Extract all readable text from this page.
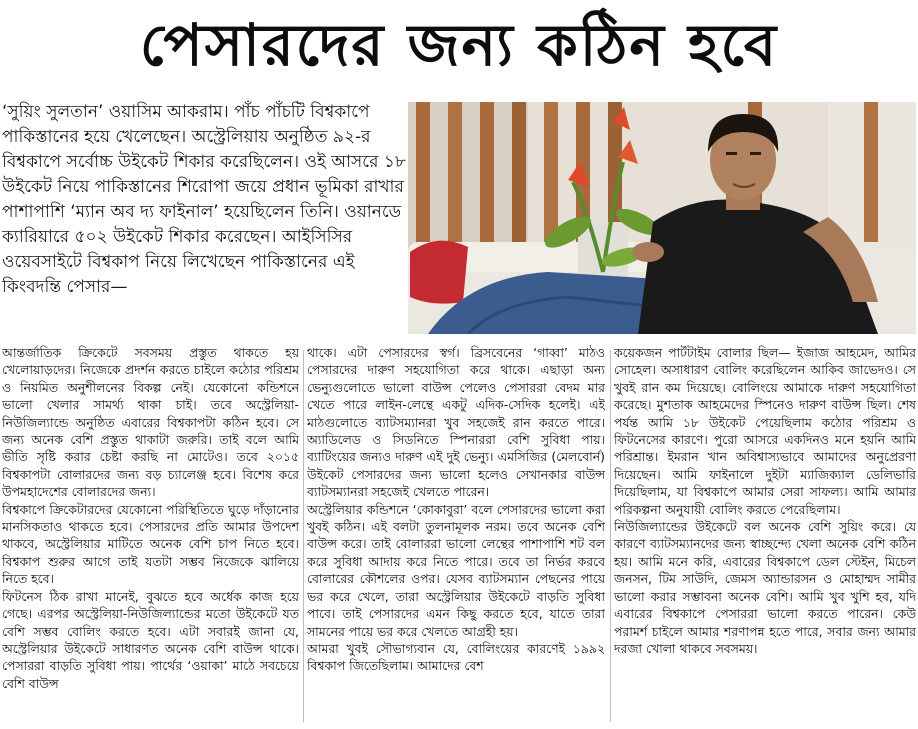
পেসারদের জন্য কঠিন হবে
‘সুয়িং সুলতান’ ওয়াসিম আকরাম। পাঁচ পাঁচটি বিশ্বকাপে পাকিস্তানের হয়ে খেলেছেন। অস্ট্রেলিয়ায় অনুষ্ঠিত ৯২-র বিশ্বকাপে সর্বোচ্চ উইকেট শিকার করেছিলেন। ওই আসরে ১৮ উইকেট নিয়ে পাকিস্তানের শিরোপা জয়ে প্রধান ভূমিকা রাখার পাশাপাশি ‘ম্যান অব দ্য ফাইনাল’ হয়েছিলেন তিনি। ওয়ানডে ক্যারিয়ারে ৫০২ উইকেট শিকার করেছেন। আইসিসির ওয়েবসাইটে বিশ্বকাপ নিয়ে লিখেছেন পাকিস্তানের এই কিংবদন্তি পেসার—

আন্তর্জাতিক ক্রিকেটে সবসময় প্রস্তুত থাকতে হয় খেলোয়াড়দের। নিজেকে প্রদর্শন করতে চাইলে কঠোর পরিশ্রম ও নিয়মিত অনুশীলনের বিকল্প নেই। যেকোনো কন্ডিশনে ভালো খেলার সামর্থ্য থাকা চাই। তবে অস্ট্রেলিয়া-নিউজিল্যান্ডে অনুষ্ঠিত এবারের বিশ্বকাপটা কঠিন হবে। সে জন্য অনেক বেশি প্রস্তুত থাকাটা জরুরি। তাই বলে আমি ভীতি সৃষ্টি করার চেষ্টা করছি না মোটেও। তবে ২০১৫ বিশ্বকাপটা বোলারদের জন্য বড় চ্যালেঞ্জ হবে। বিশেষ করে উপমহাদেশের বোলারদের জন্য।

বিশ্বকাপে ক্রিকেটারদের যেকোনো পরিস্থিতিতে ঘুড়ে দাঁড়ানোর মানসিকতাও থাকতে হবে। পেসারদের প্রতি আমার উপদেশ থাকবে, অস্ট্রেলিয়ার মাটিতে অনেক বেশি চাপ নিতে হবে। বিশ্বকাপ শুরুর আগে তাই যতটা সম্ভব নিজেকে ঝালিয়ে নিতে হবে।

ফিটনেস ঠিক রাখা মানেই, বুঝতে হবে অর্ধেক কাজ হয়ে গেছে। এরপর অস্ট্রেলিয়া-নিউজিল্যান্ডের মতো উইকেটে যত বেশি সম্ভব বোলিং করতে হবে। এটা সবারই জানা যে, অস্ট্রেলিয়ার উইকেটে সাধারণত অনেক বেশি বাউন্স থাকে। পেসাররা বাড়তি সুবিধা পায়। পার্থের ‘ওয়াকা’ মাঠে সবচেয়ে বেশি বাউন্স

থাকে। এটা পেসারদের স্বর্গ। ব্রিসবেনের ‘গাব্বা’ মাঠও পেসারদের দারুণ সহযোগিতা করে থাকে। এছাড়া অন্য ভেন্যুগুলোতে ভালো বাউন্স পেলেও পেসাররা বেদম মার খেতে পারে লাইন-লেন্থে একটু এদিক-সেদিক হলেই। এই মাঠগুলোতে ব্যাটসম্যানরা খুব সহজেই রান করতে পারে। অ্যাডিলেড ও সিডনিতে স্পিনাররা বেশি সুবিধা পায়। ব্যাটিংয়ের জন্যও দারুণ এই দুই ভেন্যু। এমসিজির (মেলবোর্ন) উইকেট পেসারদের জন্য ভালো হলেও সেখানকার বাউন্স ব্যাটসম্যানরা সহজেই খেলতে পারেন।

অস্ট্রেলিয়ার কন্ডিশনে ‘কোকাবুরা’ বলে পেসারদের ভালো করা খুবই কঠিন। এই বলটা তুলনামূলক নরম। তবে অনেক বেশি বাউন্স করে। তাই বোলাররা ভালো লেন্থের পাশাপাশি শট বল করে সুবিধা আদায় করে নিতে পারে। তবে তা নির্ভর করবে বোলারের কৌশলের ওপর। যেসব ব্যাটসম্যান পেছনের পায়ে ভর করে খেলে, তারা অস্ট্রেলিয়ার উইকেটে বাড়তি সুবিধা পাবে। তাই পেসারদের এমন কিছু করতে হবে, যাতে তারা সামনের পায়ে ভর করে খেলতে আগ্রহী হয়।

আমরা খুবই সৌভাগ্যবান যে, বোলিংয়ের কারণেই ১৯৯২ বিশ্বকাপ জিতেছিলাম। আমাদের বেশ

কয়েকজন পার্টটাইম বোলার ছিল— ইজাজ আহমেদ, আমির সোহেল। অসাধারণ বোলিং করেছিলেন আকিব জাভেদও। সে খুবই রান কম দিয়েছে। বোলিংয়ে আমাকে দারুণ সহযোগিতা করেছে। মুশতাক আহমেদের স্পিনেও দারুণ বাউন্স ছিল। শেষ পর্যন্ত আমি ১৮ উইকেট পেয়েছিলাম কঠোর পরিশ্রম ও ফিটনেসের কারণে। পুরো আসরে একদিনও মনে হয়নি আমি পরিশ্রান্ত। ইমরান খান অবিশ্বাস্যভাবে আমাদের অনুপ্রেরণা দিয়েছেন। আমি ফাইনালে দুইটা ম্যাজিক্যাল ডেলিভারি দিয়েছিলাম, যা বিশ্বকাপে আমার সেরা সাফল্য। আমি আমার পরিকল্পনা অনুযায়ী বোলিং করতে পেরেছিলাম।

নিউজিল্যান্ডের উইকেটে বল অনেক বেশি সুয়িং করে। যে কারণে ব্যাটসম্যানদের জন্য স্বাচ্ছন্দ্যে খেলা অনেক বেশি কঠিন হয়। আমি মনে করি, এবারের বিশ্বকাপে ডেল স্টেইন, মিচেল জনসন, টিম সাউদি, জেমস অ্যান্ডারসন ও মোহাম্মদ সামীর ভালো করার সম্ভাবনা অনেক বেশি। আমি খুব খুশি হব, যদি এবারের বিশ্বকাপে পেসাররা ভালো করতে পারেন। কেউ পরামর্শ চাইলে আমার শরণাপন্ন হতে পারে, সবার জন্য আমার দরজা খোলা থাকবে সবসময়।
